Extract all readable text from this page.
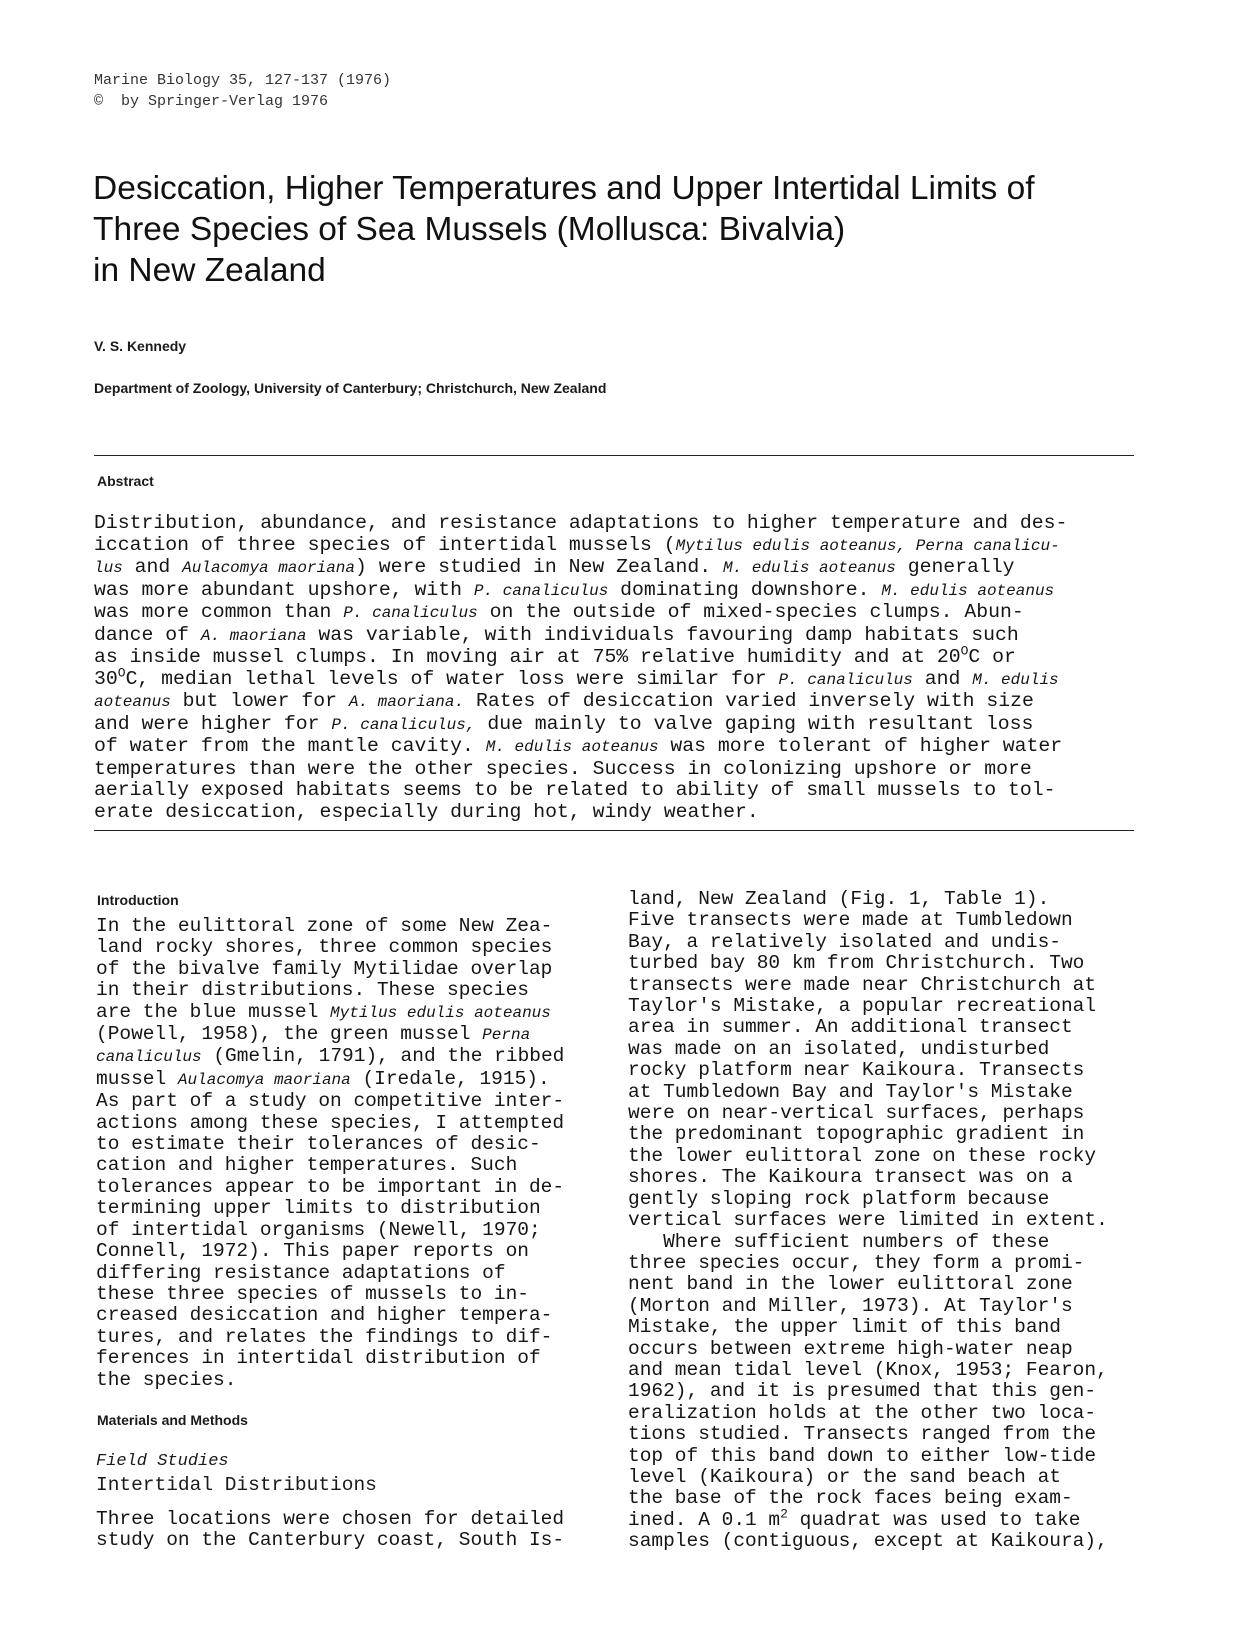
Marine Biology 35, 127-137 (1976)
©  by Springer-Verlag 1976
Desiccation, Higher Temperatures and Upper Intertidal Limits of
Three Species of Sea Mussels (Mollusca: Bivalvia)
in New Zealand
V. S. Kennedy
Department of Zoology, University of Canterbury; Christchurch, New Zealand
Abstract
Distribution, abundance, and resistance adaptations to higher temperature and des-
iccation of three species of intertidal mussels (Mytilus edulis aoteanus, Perna canalicu-
lus and Aulacomya maoriana) were studied in New Zealand. M. edulis aoteanus generally
was more abundant upshore, with P. canaliculus dominating downshore. M. edulis aoteanus
was more common than P. canaliculus on the outside of mixed-species clumps. Abun-
dance of A. maoriana was variable, with individuals favouring damp habitats such
as inside mussel clumps. In moving air at 75% relative humidity and at $20^OC$ or
$30^OC$, median lethal levels of water loss were similar for P. canaliculus and M. edulis
aoteanus but lower for A. maoriana. Rates of desiccation varied inversely with size
and were higher for P. canaliculus, due mainly to valve gaping with resultant loss
of water from the mantle cavity. M. edulis aoteanus was more tolerant of higher water
temperatures than were the other species. Success in colonizing upshore or more
aerially exposed habitats seems to be related to ability of small mussels to tol-
erate desiccation, especially during hot, windy weather.
Introduction
In the eulittoral zone of some New Zea-
land rocky shores, three common species
of the bivalve family Mytilidae overlap
in their distributions. These species
are the blue mussel Mytilus edulis aoteanus
(Powell, 1958), the green mussel Perna
canaliculus (Gmelin, 1791), and the ribbed
mussel Aulacomya maoriana (Iredale, 1915).
As part of a study on competitive inter-
actions among these species, I attempted
to estimate their tolerances of desic-
cation and higher temperatures. Such
tolerances appear to be important in de-
termining upper limits to distribution
of intertidal organisms (Newell, 1970;
Connell, 1972). This paper reports on
differing resistance adaptations of
these three species of mussels to in-
creased desiccation and higher tempera-
tures, and relates the findings to dif-
ferences in intertidal distribution of
the species.
Materials and Methods
Field Studies
Intertidal Distributions
Three locations were chosen for detailed
study on the Canterbury coast, South Is-
land, New Zealand (Fig. 1, Table 1).
Five transects were made at Tumbledown
Bay, a relatively isolated and undis-
turbed bay 80 km from Christchurch. Two
transects were made near Christchurch at
Taylor's Mistake, a popular recreational
area in summer. An additional transect
was made on an isolated, undisturbed
rocky platform near Kaikoura. Transects
at Tumbledown Bay and Taylor's Mistake
were on near-vertical surfaces, perhaps
the predominant topographic gradient in
the lower eulittoral zone on these rocky
shores. The Kaikoura transect was on a
gently sloping rock platform because
vertical surfaces were limited in extent.
Where sufficient numbers of these
three species occur, they form a promi-
nent band in the lower eulittoral zone
(Morton and Miller, 1973). At Taylor's
Mistake, the upper limit of this band
occurs between extreme high-water neap
and mean tidal level (Knox, 1953; Fearon,
1962), and it is presumed that this gen-
eralization holds at the other two loca-
tions studied. Transects ranged from the
top of this band down to either low-tide
level (Kaikoura) or the sand beach at
the base of the rock faces being exam-
ined. A 0.1 $m^2$ quadrat was used to take
samples (contiguous, except at Kaikoura),
